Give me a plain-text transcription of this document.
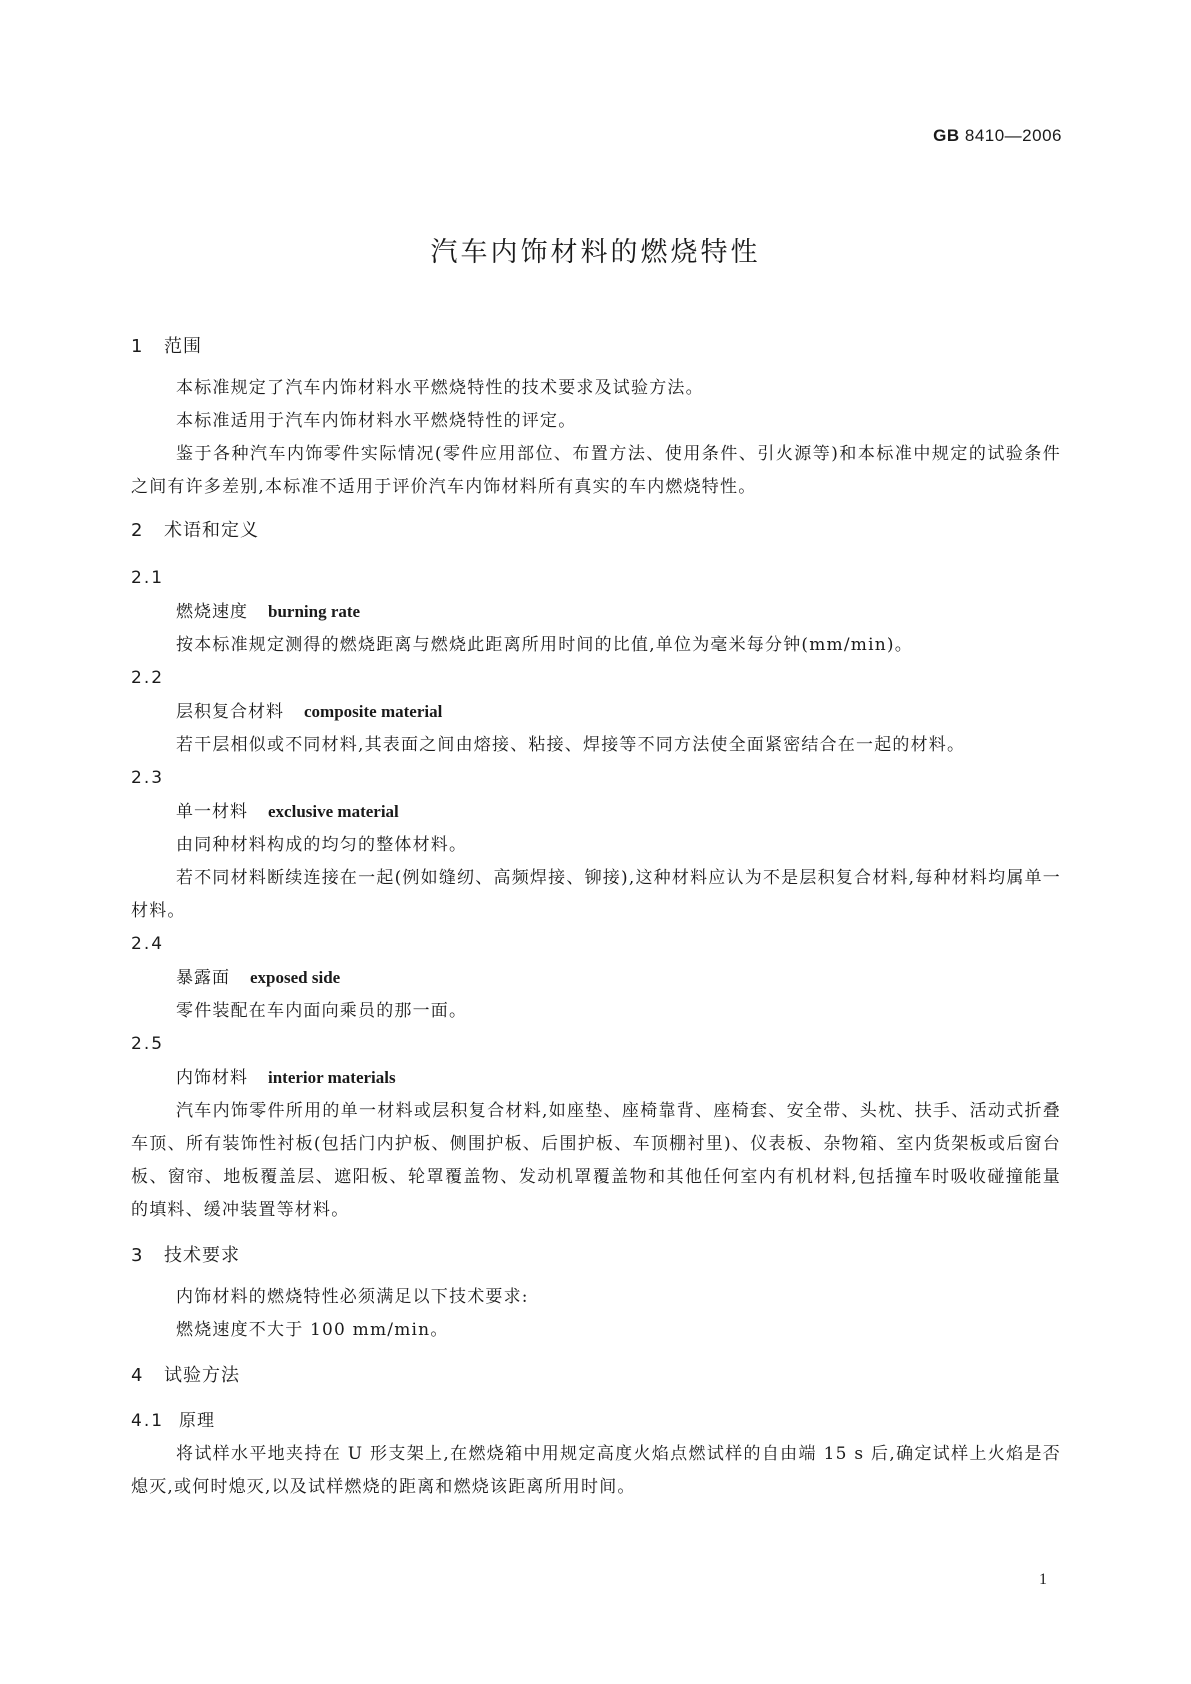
GB 8410—2006
汽车内饰材料的燃烧特性
1 范围
本标准规定了汽车内饰材料水平燃烧特性的技术要求及试验方法。
本标准适用于汽车内饰材料水平燃烧特性的评定。
鉴于各种汽车内饰零件实际情况(零件应用部位、布置方法、使用条件、引火源等)和本标准中规定的试验条件之间有许多差别,本标准不适用于评价汽车内饰材料所有真实的车内燃烧特性。
2 术语和定义
2.1
燃烧速度 burning rate
按本标准规定测得的燃烧距离与燃烧此距离所用时间的比值,单位为毫米每分钟(mm/min)。
2.2
层积复合材料 composite material
若干层相似或不同材料,其表面之间由熔接、粘接、焊接等不同方法使全面紧密结合在一起的材料。
2.3
单一材料 exclusive material
由同种材料构成的均匀的整体材料。
若不同材料断续连接在一起(例如缝纫、高频焊接、铆接),这种材料应认为不是层积复合材料,每种材料均属单一材料。
2.4
暴露面 exposed side
零件装配在车内面向乘员的那一面。
2.5
内饰材料 interior materials
汽车内饰零件所用的单一材料或层积复合材料,如座垫、座椅靠背、座椅套、安全带、头枕、扶手、活动式折叠车顶、所有装饰性衬板(包括门内护板、侧围护板、后围护板、车顶棚衬里)、仪表板、杂物箱、室内货架板或后窗台板、窗帘、地板覆盖层、遮阳板、轮罩覆盖物、发动机罩覆盖物和其他任何室内有机材料,包括撞车时吸收碰撞能量的填料、缓冲装置等材料。
3 技术要求
内饰材料的燃烧特性必须满足以下技术要求:
燃烧速度不大于 100 mm/min。
4 试验方法
4.1 原理
将试样水平地夹持在 U 形支架上,在燃烧箱中用规定高度火焰点燃试样的自由端 15 s 后,确定试样上火焰是否熄灭,或何时熄灭,以及试样燃烧的距离和燃烧该距离所用时间。
1
